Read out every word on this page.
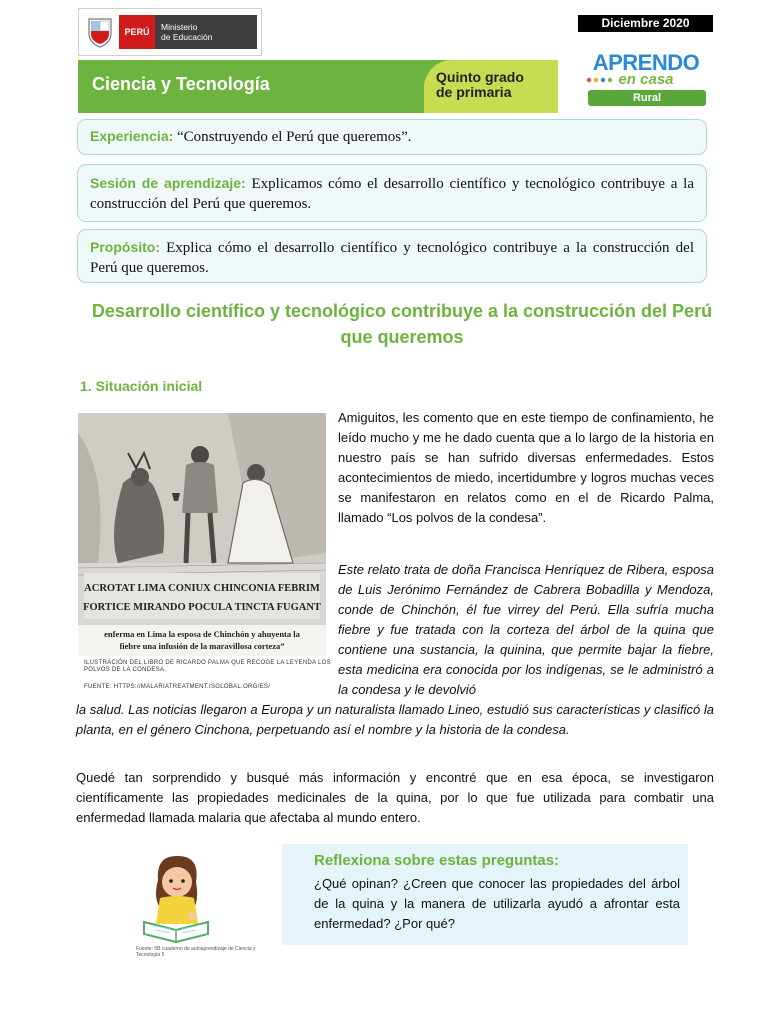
PERÚ	Ministerio
de Educación
Diciembre 2020
APRENDO
en casa
Rural
Ciencia y Tecnología	Quinto grado
de primaria
Experiencia: “Construyendo el Perú que queremos”.
Sesión de aprendizaje: Explicamos cómo el desarrollo científico y tecnológico contribuye a la construcción del Perú que queremos.
Propósito: Explica cómo el desarrollo científico y tecnológico contribuye a la construcción del Perú que queremos.
Desarrollo científico y tecnológico contribuye a la construcción del Perú que queremos
1. Situación inicial
ACROTAT LIMA CONIUX CHINCONIA FEBRIM
FORTICE MIRANDO POCULA TINCTA FUGANT
enferma en Lima la esposa de Chinchón y ahuyenta la
fiebre una infusión de la maravillosa corteza”
ILUSTRACIÓN DEL LIBRO DE RICARDO PALMA QUE RECOGE LA LEYENDA LOS POLVOS DE LA CONDESA.
FUENTE: HTTPS://MALARIATREATMENT.ISGLOBAL.ORG/ES/
Amiguitos, les comento que en este tiempo de confinamiento, he leído mucho y me he dado cuenta que a lo largo de la historia en nuestro país se han sufrido diversas enfermedades. Estos acontecimientos de miedo, incertidumbre y logros muchas veces se manifestaron en relatos como en el de Ricardo Palma, llamado “Los polvos de la condesa”.
Este relato trata de doña Francisca Henríquez de Ribera, esposa de Luis Jerónimo Fernández de Cabrera Bobadilla y Mendoza, conde de Chinchón, él fue virrey del Perú. Ella sufría mucha fiebre y fue tratada con la corteza del árbol de la quina que contiene una sustancia, la quinina, que permite bajar la fiebre, esta medicina era conocida por los indígenas, se le administró a la condesa y le devolvió
la salud. Las noticias llegaron a Europa y un naturalista llamado Lineo, estudió sus características y clasificó la planta, en el género Cinchona, perpetuando así el nombre y la historia de la condesa.
Quedé tan sorprendido y busqué más información y encontré que en esa época, se investigaron científicamente las propiedades medicinales de la quina, por lo que fue utilizada para combatir una enfermedad llamada malaria que afectaba al mundo entero.
Fuente: 5B cuaderno de autoaprendizaje de Ciencia y Tecnología 5
Reflexiona sobre estas preguntas:
¿Qué opinan? ¿Creen que conocer las propiedades del árbol de la quina y la manera de utilizarla ayudó a afrontar esta enfermedad? ¿Por qué?
